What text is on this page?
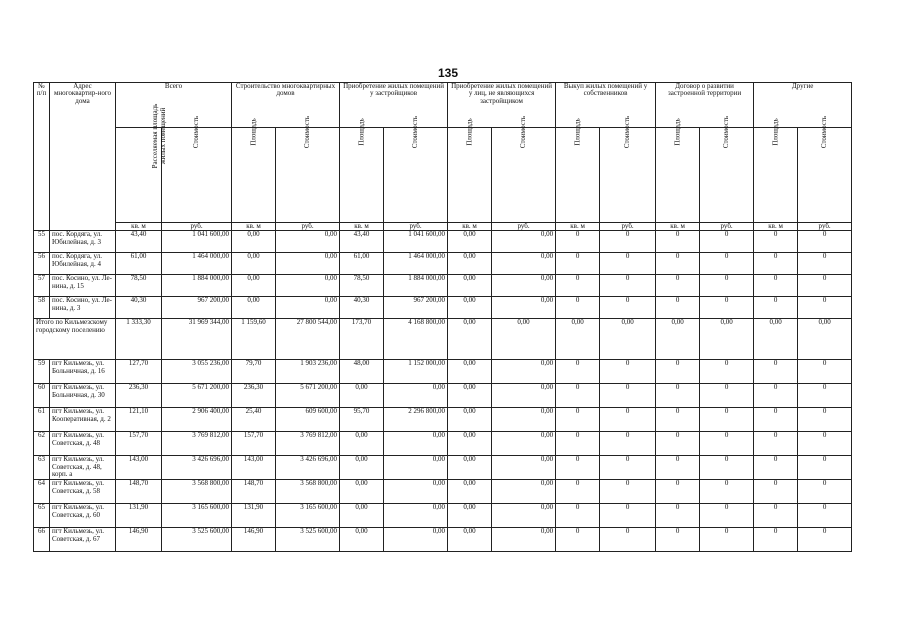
135
№
п/п	Адрес многоквартир-ного дома	Всего		Строительство многоквартирных домов		Приобретение жилых помещений у застройщиков		Приобретение жилых помещений у лиц, не являющихся застройщиком		Выкуп жилых помещений у собственников		Договор о развитии застроенной территории		Другие	
		Расселяемая площадь жилых помещений	Стоимость	Площадь	Стоимость	Площадь	Стоимость	Площадь	Стоимость	Площадь	Стоимость	Площадь	Стоимость	Площадь	Стоимость
		кв. м	руб.	кв. м	руб.	кв. м	руб.	кв. м	руб.	кв. м	руб.	кв. м	руб.	кв. м	руб.
55	пос. Кордяга, ул. Юбилейная, д. 3	43,40	1 041 600,00	0,00	0,00	43,40	1 041 600,00	0,00	0,00	0	0	0	0	0	0
56	пос. Кордяга, ул. Юбилейная, д. 4	61,00	1 464 000,00	0,00	0,00	61,00	1 464 000,00	0,00	0,00	0	0	0	0	0	0
57	пос. Косино, ул. Ле-нина, д. 15	78,50	1 884 000,00	0,00	0,00	78,50	1 884 000,00	0,00	0,00	0	0	0	0	0	0
58	пос. Косино, ул. Ле-нина, д. 3	40,30	967 200,00	0,00	0,00	40,30	967 200,00	0,00	0,00	0	0	0	0	0	0
Итого по Кильмезскому городскому поселению		1 333,30	31 969 344,00	1 159,60	27 800 544,00	173,70	4 168 800,00	0,00	0,00	0,00	0,00	0,00	0,00	0,00	0,00
59	пгт Кильмезь, ул. Больничная, д. 16	127,70	3 055 236,00	79,70	1 903 236,00	48,00	1 152 000,00	0,00	0,00	0	0	0	0	0	0
60	пгт Кильмезь, ул. Больничная, д. 30	236,30	5 671 200,00	236,30	5 671 200,00	0,00	0,00	0,00	0,00	0	0	0	0	0	0
61	пгт Кильмезь, ул. Кооперативная, д. 2	121,10	2 906 400,00	25,40	609 600,00	95,70	2 296 800,00	0,00	0,00	0	0	0	0	0	0
62	пгт Кильмезь, ул. Советская, д. 48	157,70	3 769 812,00	157,70	3 769 812,00	0,00	0,00	0,00	0,00	0	0	0	0	0	0
63	пгт Кильмезь, ул. Советская, д. 48, корп. а	143,00	3 426 696,00	143,00	3 426 696,00	0,00	0,00	0,00	0,00	0	0	0	0	0	0
64	пгт Кильмезь, ул. Советская, д. 58	148,70	3 568 800,00	148,70	3 568 800,00	0,00	0,00	0,00	0,00	0	0	0	0	0	0
65	пгт Кильмезь, ул. Советская, д. 60	131,90	3 165 600,00	131,90	3 165 600,00	0,00	0,00	0,00	0,00	0	0	0	0	0	0
66	пгт Кильмезь, ул. Советская, д. 67	146,90	3 525 600,00	146,90	3 525 600,00	0,00	0,00	0,00	0,00	0	0	0	0	0	0
